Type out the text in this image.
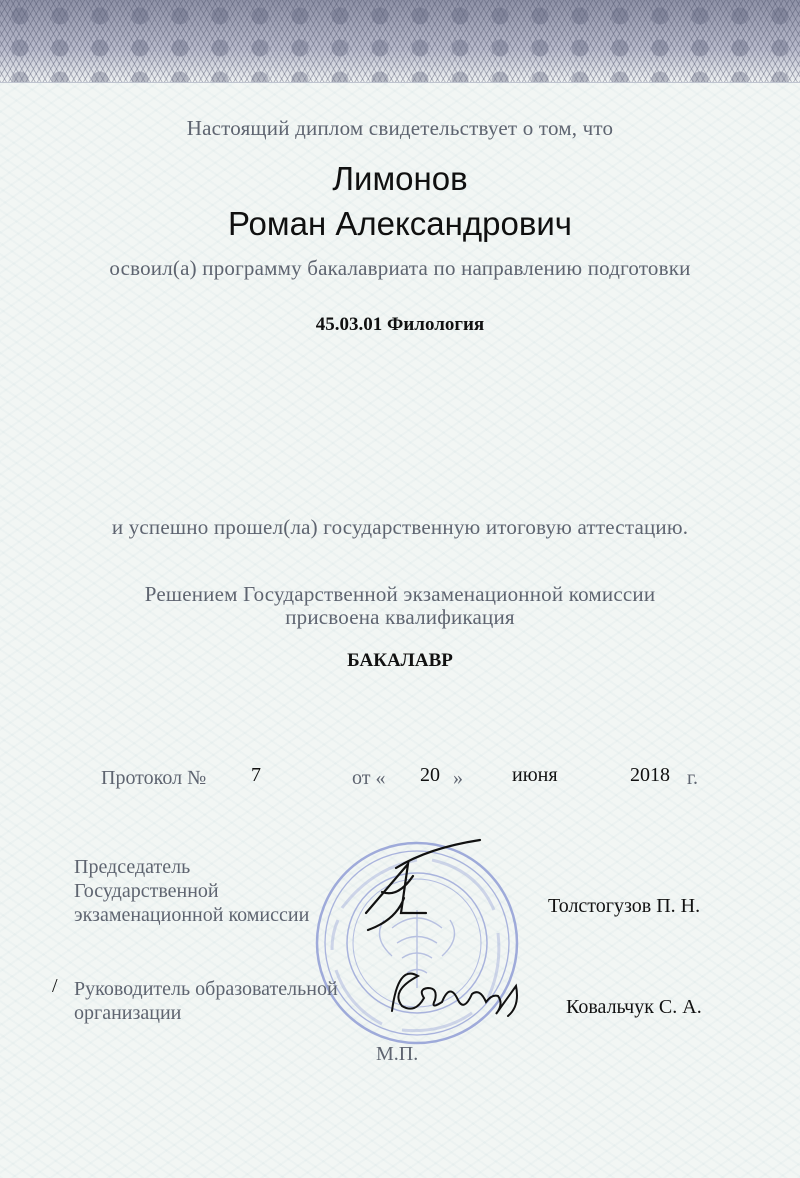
Настоящий диплом свидетельствует о том, что
Лимонов
Роман Александрович
освоил(а) программу бакалавриата по направлению подготовки
45.03.01 Филология
и успешно прошел(ла) государственную итоговую аттестацию.
Решением Государственной экзаменационной комиссии
присвоена квалификация
БАКАЛАВР
Протокол № 7	от « 20 » июня	2018 г.
Председатель
Государственной
экзаменационной комиссии	Толстогузов П. Н.
/ Руководитель образовательной
организации	Ковальчук С. А.
М.П.
